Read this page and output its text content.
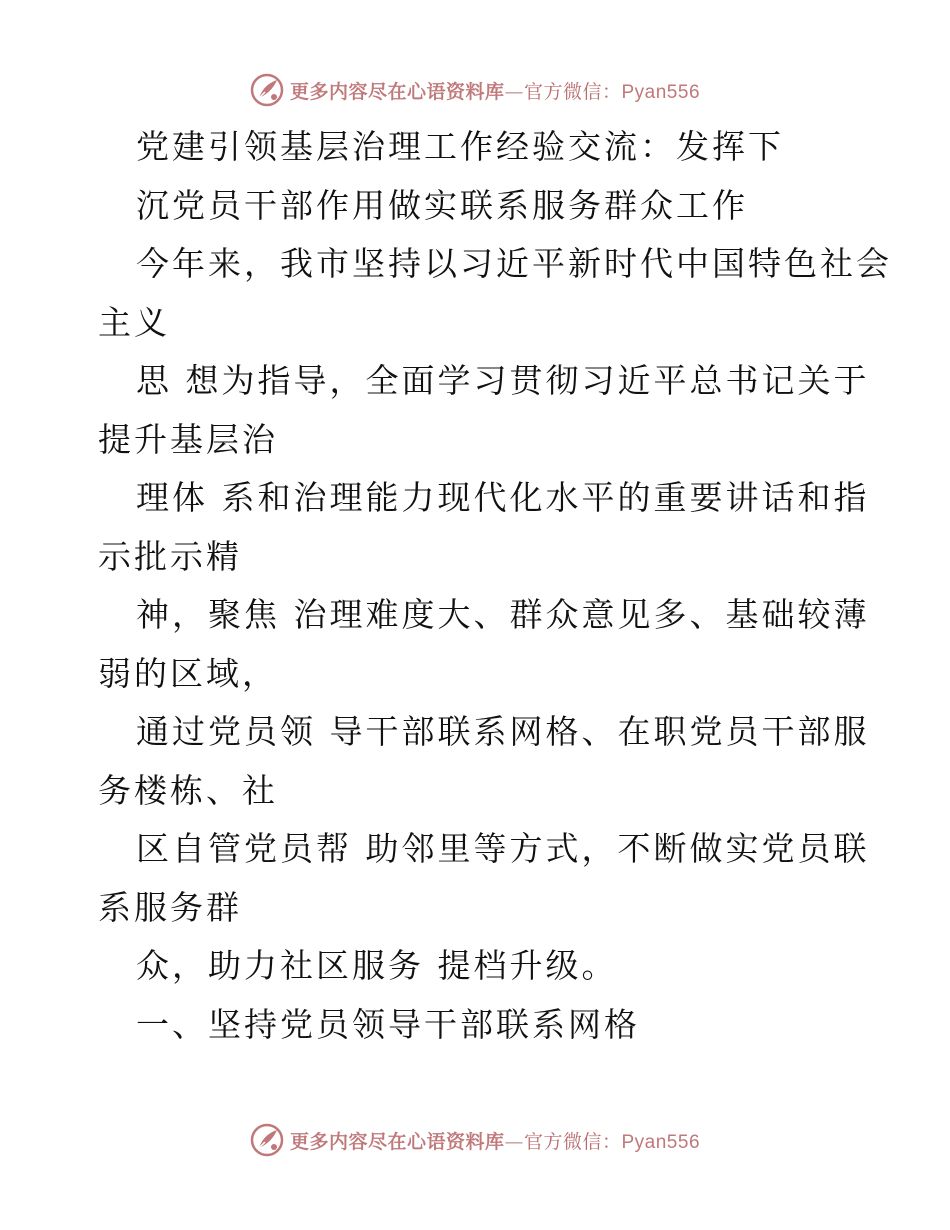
更多内容尽在心语资料库—官方微信：Pyan556
党建引领基层治理工作经验交流：发挥下
沉党员干部作用做实联系服务群众工作
今年来，我市坚持以习近平新时代中国特色社会
主义
思 想为指导，全面学习贯彻习近平总书记关于
提升基层治
理体 系和治理能力现代化水平的重要讲话和指
示批示精
神，聚焦 治理难度大、群众意见多、基础较薄
弱的区域，
通过党员领 导干部联系网格、在职党员干部服
务楼栋、社
区自管党员帮 助邻里等方式，不断做实党员联
系服务群
众，助力社区服务 提档升级。
一、坚持党员领导干部联系网格
更多内容尽在心语资料库—官方微信：Pyan556
